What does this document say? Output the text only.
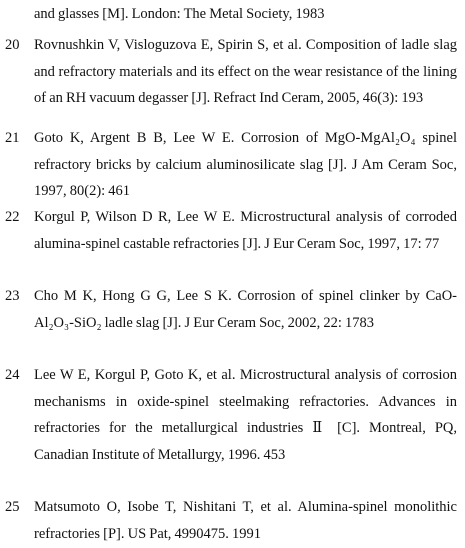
and glasses [M]. London: The Metal Society, 1983
20	Rovnushkin V, Visloguzova E, Spirin S, et al. Composition of ladle slag and refractory materials and its effect on the wear resistance of the lining of an RH vacuum degasser [J]. Refract Ind Ceram, 2005, 46(3): 193
21	Goto K, Argent B B, Lee W E. Corrosion of MgO-MgAl₂O₄ spinel refractory bricks by calcium aluminosilicate slag [J]. J Am Ceram Soc, 1997, 80(2): 461
22	Korgul P, Wilson D R, Lee W E. Microstructural analysis of corroded alumina-spinel castable refractories [J]. J Eur Ceram Soc, 1997, 17: 77
23	Cho M K, Hong G G, Lee S K. Corrosion of spinel clinker by CaO-Al₂O₃-SiO₂ ladle slag [J]. J Eur Ceram Soc, 2002, 22: 1783
24	Lee W E, Korgul P, Goto K, et al. Microstructural analysis of corrosion mechanisms in oxide-spinel steelmaking refractories. Advances in refractories for the metallurgical industries Ⅱ [C]. Montreal, PQ, Canadian Institute of Metallurgy, 1996. 453
25	Matsumoto O, Isobe T, Nishitani T, et al. Alumina-spinel monolithic refractories [P]. US Pat, 4990475. 1991
